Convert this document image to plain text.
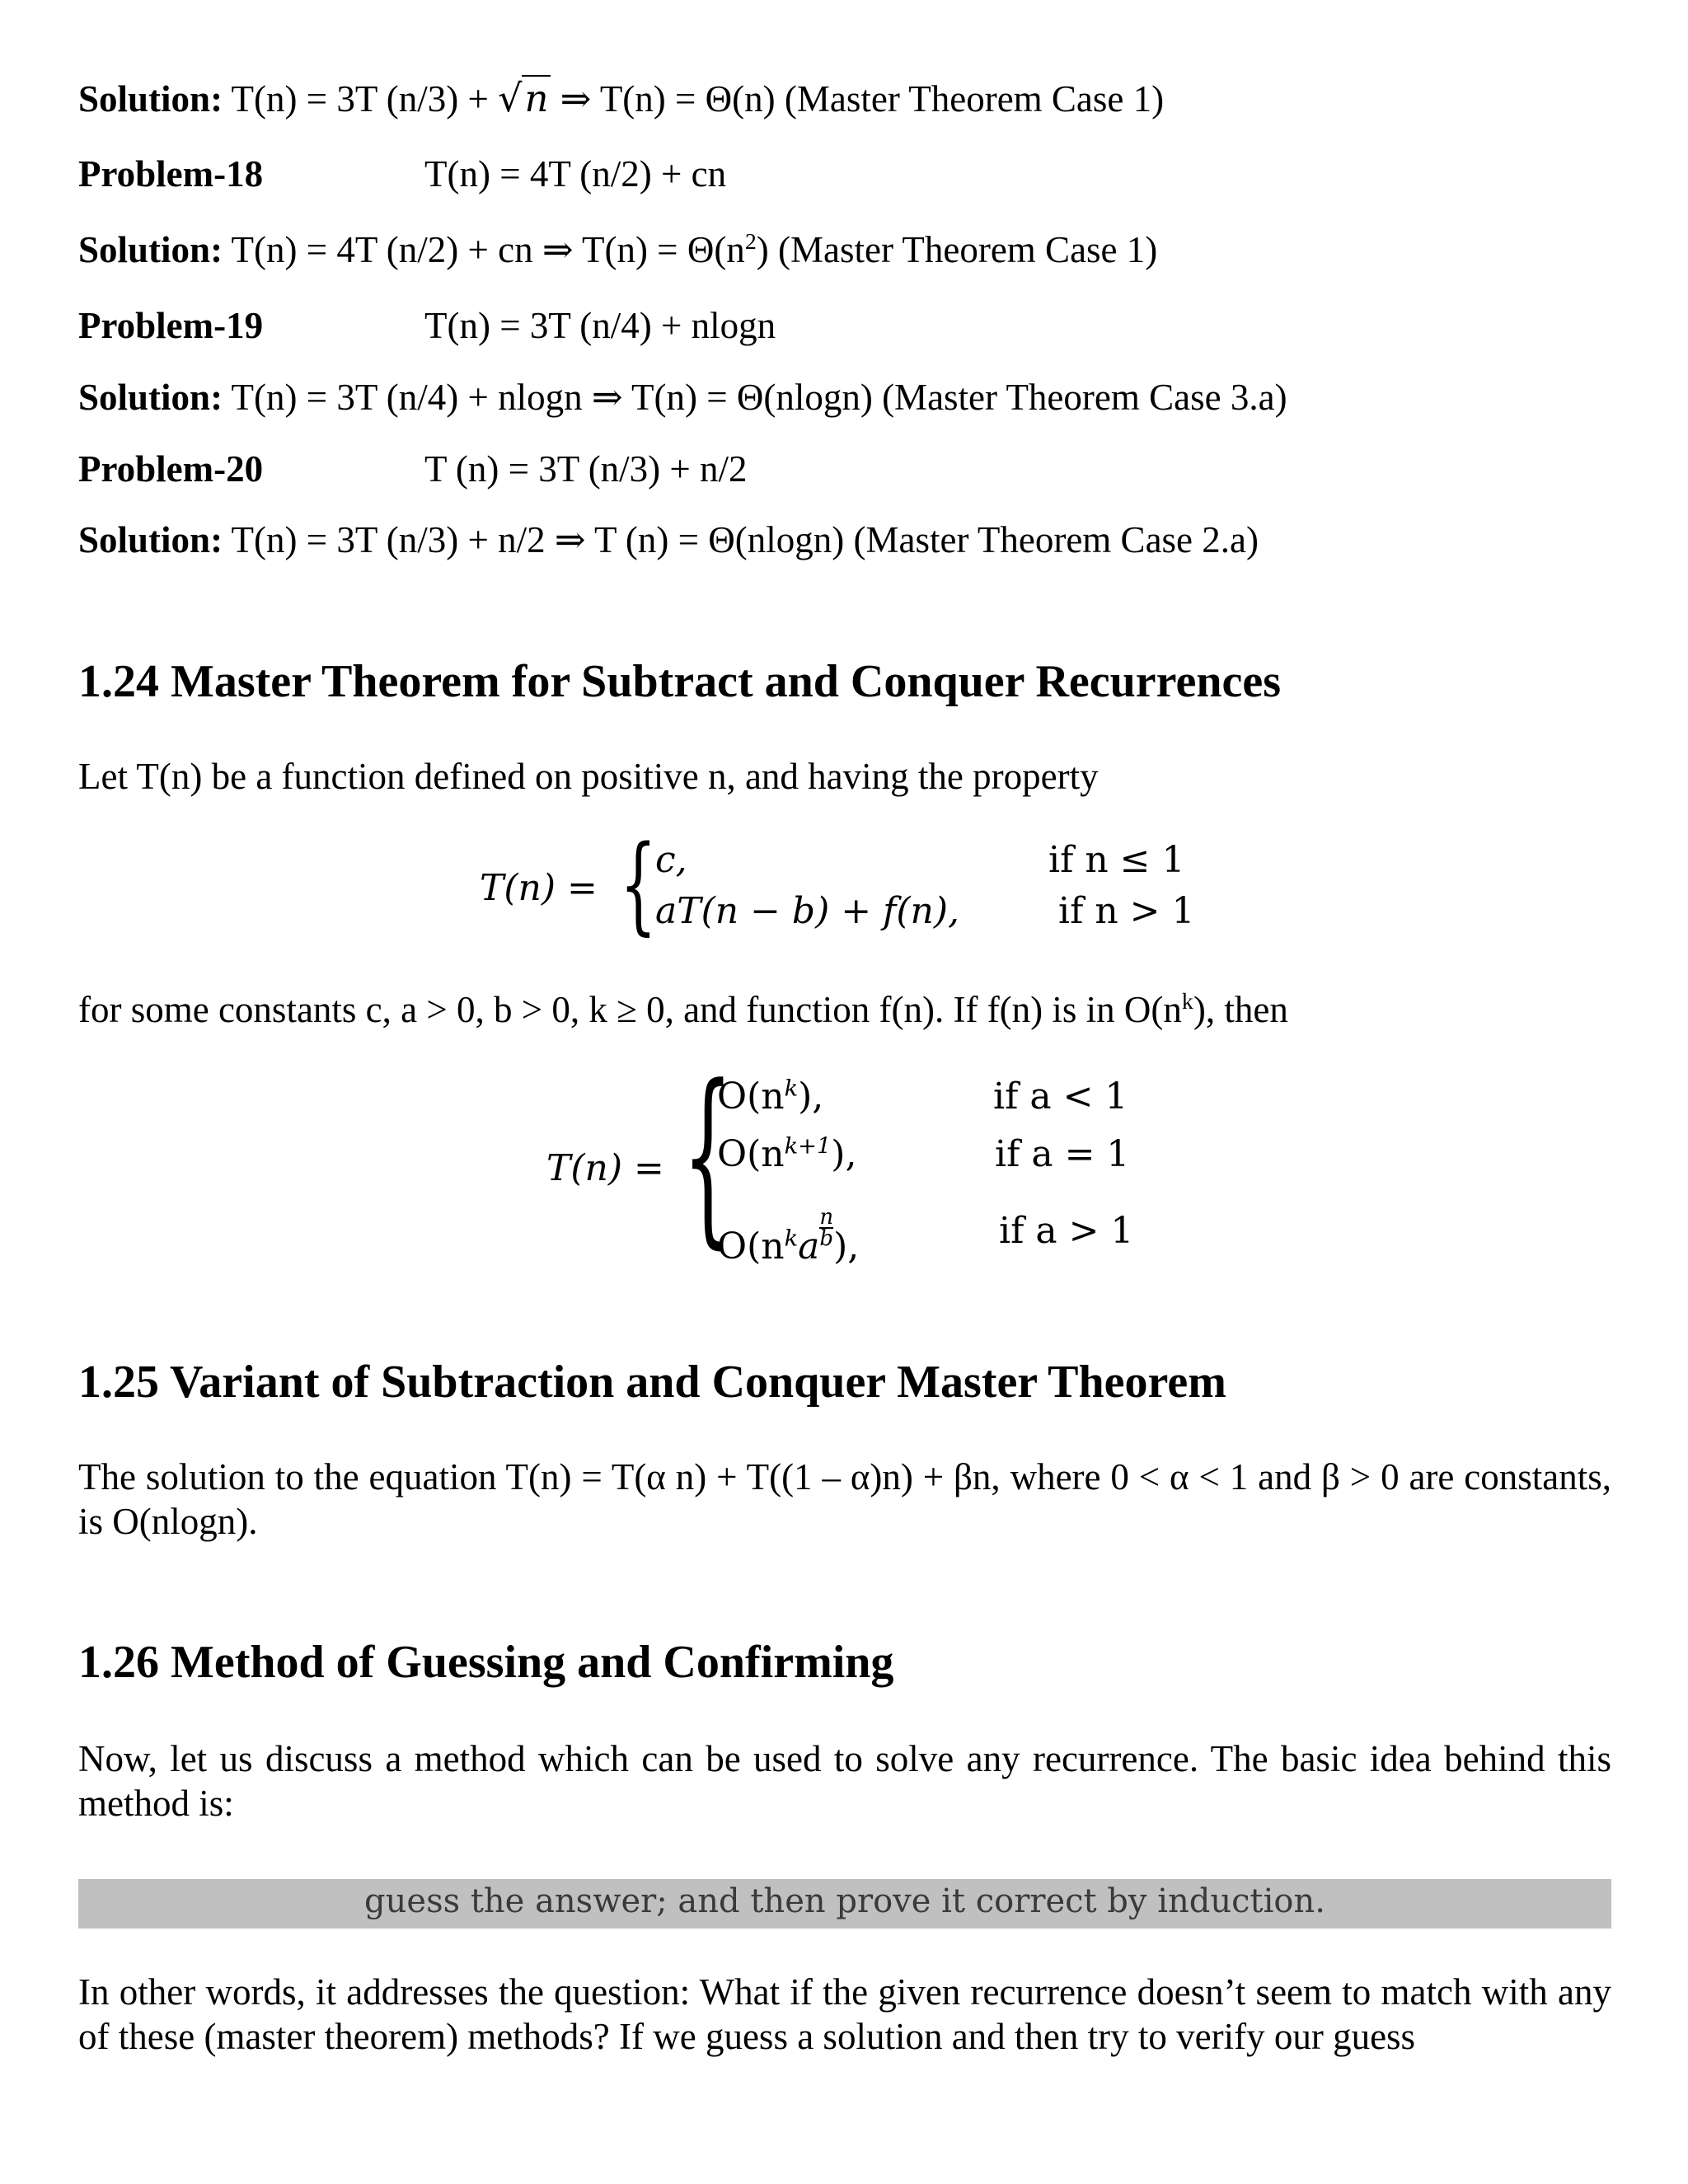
Solution: T(n) = 3T (n/3) + √n ⇒ T(n) = Θ(n) (Master Theorem Case 1)
Problem-18	T(n) = 4T (n/2) + cn
Solution: T(n) = 4T (n/2) + cn ⇒ $T(n) = \Theta(n^2)$ (Master Theorem Case 1)
Problem-19	T(n) = 3T (n/4) + nlogn
Solution: T(n) = 3T (n/4) + nlogn ⇒ T(n) = Θ(nlogn) (Master Theorem Case 3.a)
Problem-20	T (n) = 3T (n/3) + n/2
Solution: T(n) = 3T (n/3) + n/2 ⇒ T (n) = Θ(nlogn) (Master Theorem Case 2.a)
1.24 Master Theorem for Subtract and Conquer Recurrences
Let T(n) be a function defined on positive n, and having the property
T(n) = {
c,	if n ≤ 1
aT(n − b) + f(n),	if n > 1
for some constants c, a > 0, b > 0, k ≥ 0, and function f(n). If f(n) is in $O(n^k)$, then
T(n) = {
$O(n^k)$,	if a < 1
$O(n^{k+1})$,	if a = 1
$O(n^ka \frac{n}{b}$ ),	if a > 1
1.25 Variant of Subtraction and Conquer Master Theorem
The solution to the equation T(n) = T(α n) + T((1 – α)n) + βn, where 0 < α < 1 and β > 0 are constants, is O(nlogn).
1.26 Method of Guessing and Confirming
Now, let us discuss a method which can be used to solve any recurrence. The basic idea behind this method is:
guess the answer; and then prove it correct by induction.
In other words, it addresses the question: What if the given recurrence doesn’t seem to match with any of these (master theorem) methods? If we guess a solution and then try to verify our guess
